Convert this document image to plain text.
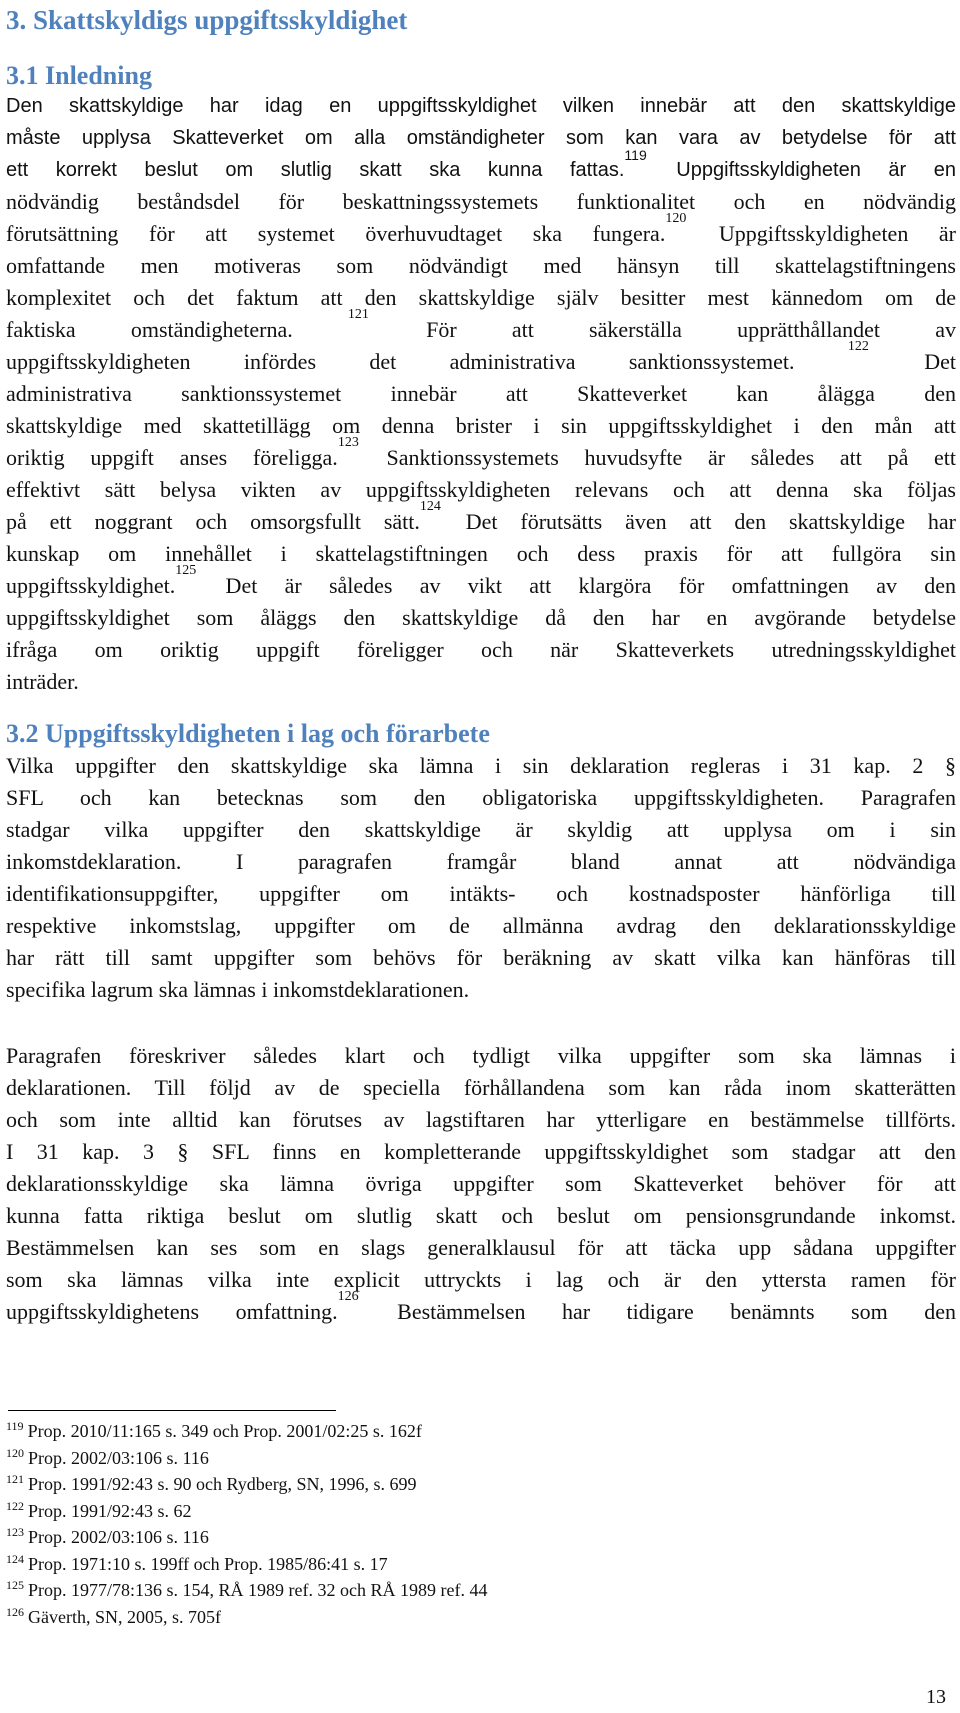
3. Skattskyldigs uppgiftsskyldighet
3.1 Inledning
Den skattskyldige har idag en uppgiftsskyldighet vilken innebär att den skattskyldige
måste upplysa Skatteverket om alla omständigheter som kan vara av betydelse för att
ett korrekt beslut om slutlig skatt ska kunna fattas.$^{119}$ Uppgiftsskyldigheten är en
nödvändig beståndsdel för beskattningssystemets funktionalitet och en nödvändig
förutsättning för att systemet överhuvudtaget ska fungera.$^{120}$ Uppgiftsskyldigheten är
omfattande men motiveras som nödvändigt med hänsyn till skattelagstiftningens
komplexitet och det faktum att den skattskyldige själv besitter mest kännedom om de
faktiska omständigheterna. $^{121}$ För att säkerställa upprätthållandet av
uppgiftsskyldigheten infördes det administrativa sanktionssystemet. $^{122}$ Det
administrativa sanktionssystemet innebär att Skatteverket kan ålägga den
skattskyldige med skattetillägg om denna brister i sin uppgiftsskyldighet i den mån att
oriktig uppgift anses föreligga.$^{123}$ Sanktionssystemets huvudsyfte är således att på ett
effektivt sätt belysa vikten av uppgiftsskyldigheten relevans och att denna ska följas
på ett noggrant och omsorgsfullt sätt.$^{124}$ Det förutsätts även att den skattskyldige har
kunskap om innehållet i skattelagstiftningen och dess praxis för att fullgöra sin
uppgiftsskyldighet.$^{125}$ Det är således av vikt att klargöra för omfattningen av den
uppgiftsskyldighet som åläggs den skattskyldige då den har en avgörande betydelse
ifråga om oriktig uppgift föreligger och när Skatteverkets utredningsskyldighet
inträder.
3.2 Uppgiftsskyldigheten i lag och förarbete
Vilka uppgifter den skattskyldige ska lämna i sin deklaration regleras i 31 kap. 2 §
SFL och kan betecknas som den obligatoriska uppgiftsskyldigheten. Paragrafen
stadgar vilka uppgifter den skattskyldige är skyldig att upplysa om i sin
inkomstdeklaration. I paragrafen framgår bland annat att nödvändiga
identifikationsuppgifter, uppgifter om intäkts- och kostnadsposter hänförliga till
respektive inkomstslag, uppgifter om de allmänna avdrag den deklarationsskyldige
har rätt till samt uppgifter som behövs för beräkning av skatt vilka kan hänföras till
specifika lagrum ska lämnas i inkomstdeklarationen.
Paragrafen föreskriver således klart och tydligt vilka uppgifter som ska lämnas i
deklarationen. Till följd av de speciella förhållandena som kan råda inom skatterätten
och som inte alltid kan förutses av lagstiftaren har ytterligare en bestämmelse tillförts.
I 31 kap. 3 § SFL finns en kompletterande uppgiftsskyldighet som stadgar att den
deklarationsskyldige ska lämna övriga uppgifter som Skatteverket behöver för att
kunna fatta riktiga beslut om slutlig skatt och beslut om pensionsgrundande inkomst.
Bestämmelsen kan ses som en slags generalklausul för att täcka upp sådana uppgifter
som ska lämnas vilka inte explicit uttryckts i lag och är den yttersta ramen för
uppgiftsskyldighetens omfattning.$^{126}$ Bestämmelsen har tidigare benämnts som den
$^{119}$ Prop. 2010/11:165 s. 349 och Prop. 2001/02:25 s. 162f
$^{120}$ Prop. 2002/03:106 s. 116
$^{121}$ Prop. 1991/92:43 s. 90 och Rydberg, SN, 1996, s. 699
$^{122}$ Prop. 1991/92:43 s. 62
$^{123}$ Prop. 2002/03:106 s. 116
$^{124}$ Prop. 1971:10 s. 199ff och Prop. 1985/86:41 s. 17
$^{125}$ Prop. 1977/78:136 s. 154, RÅ 1989 ref. 32 och RÅ 1989 ref. 44
$^{126}$ Gäverth, SN, 2005, s. 705f
13
